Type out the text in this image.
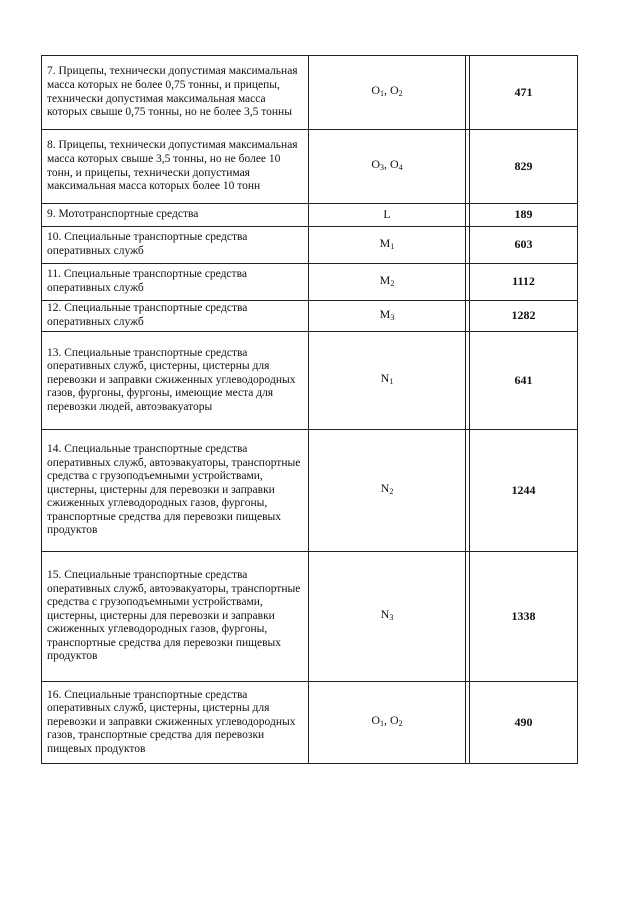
7. Прицепы, технически допустимая максимальная масса которых не более 0,75 тонны, и прицепы, технически допустимая максимальная масса которых свыше 0,75 тонны, но не более 3,5 тонны	$O_1$, $O_2$		471
8. Прицепы, технически допустимая максимальная масса которых свыше 3,5 тонны, но не более 10 тонн, и прицепы, технически допустимая максимальная масса которых более 10 тонн	$O_3$, $O_4$		829
9. Мототранспортные средства	L		189
10. Специальные транспортные средства оперативных служб	$M_1$		603
11. Специальные транспортные средства оперативных служб	$M_2$		1112
12. Специальные транспортные средства оперативных служб	$M_3$		1282
13. Специальные транспортные средства оперативных служб, цистерны, цистерны для перевозки и заправки сжиженных углеводородных газов, фургоны, фургоны, имеющие места для перевозки людей, автоэвакуаторы	$N_1$		641
14. Специальные транспортные средства оперативных служб, автоэвакуаторы, транспортные средства с грузоподъемными устройствами, цистерны, цистерны для перевозки и заправки сжиженных углеводородных газов, фургоны, транспортные средства для перевозки пищевых продуктов	$N_2$		1244
15. Специальные транспортные средства оперативных служб, автоэвакуаторы, транспортные средства с грузоподъемными устройствами, цистерны, цистерны для перевозки и заправки сжиженных углеводородных газов, фургоны, транспортные средства для перевозки пищевых продуктов	$N_3$		1338
16. Специальные транспортные средства оперативных служб, цистерны, цистерны для перевозки и заправки сжиженных углеводородных газов, транспортные средства для перевозки пищевых продуктов	$O_1$, $O_2$		490
